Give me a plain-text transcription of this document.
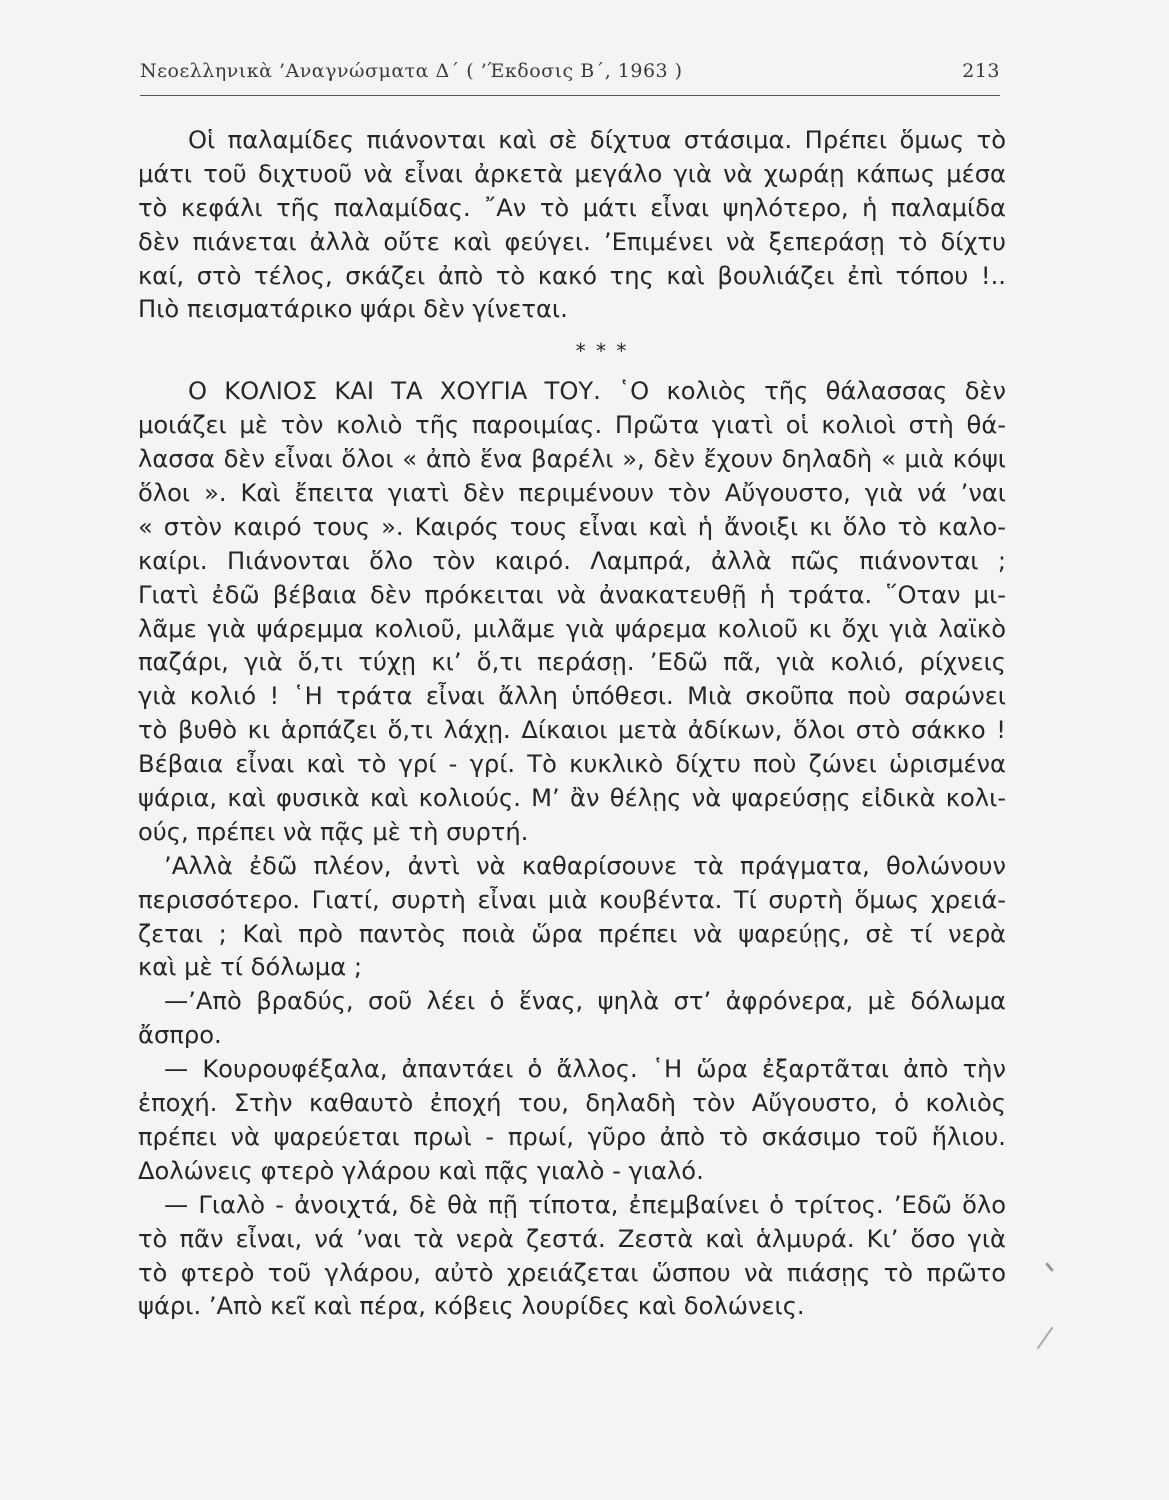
Νεοελληνικὰ ’Αναγνώσματα Δ΄ ( ’Έκδοσις Β΄, 1963 )	213
Οἱ παλαμίδες πιάνονται καὶ σὲ δίχτυα στάσιμα. Πρέπει ὅμως τὸ
μάτι τοῦ διχτυοῦ νὰ εἶναι ἀρκετὰ μεγάλο γιὰ νὰ χωράῃ κάπως μέσα
τὸ κεφάλι τῆς παλαμίδας. ῎Αν τὸ μάτι εἶναι ψηλότερο, ἡ παλαμίδα
δὲν πιάνεται ἀλλὰ οὔτε καὶ φεύγει. ’Επιμένει νὰ ξεπεράσῃ τὸ δίχτυ
καί, στὸ τέλος, σκάζει ἀπὸ τὸ κακό της καὶ βουλιάζει ἐπὶ τόπου !..
Πιὸ πεισματάρικο ψάρι δὲν γίνεται.
* * *
Ο ΚΟΛΙΟΣ ΚΑΙ ΤΑ ΧΟΥΓΙΑ ΤΟΥ. ῾Ο κολιὸς τῆς θάλασσας δὲν
μοιάζει μὲ τὸν κολιὸ τῆς παροιμίας. Πρῶτα γιατὶ οἱ κολιοὶ στὴ θά-
λασσα δὲν εἶναι ὅλοι « ἀπὸ ἕνα βαρέλι », δὲν ἔχουν δηλαδὴ « μιὰ κόψι
ὅλοι ». Καὶ ἔπειτα γιατὶ δὲν περιμένουν τὸν Αὔγουστο, γιὰ νά ’ναι
« στὸν καιρό τους ». Καιρός τους εἶναι καὶ ἡ ἄνοιξι κι ὅλο τὸ καλο-
καίρι. Πιάνονται ὅλο τὸν καιρό. Λαμπρά, ἀλλὰ πῶς πιάνονται ;
Γιατὶ ἐδῶ βέβαια δὲν πρόκειται νὰ ἀνακατευθῇ ἡ τράτα. ῞Οταν μι-
λᾶμε γιὰ ψάρεμμα κολιοῦ, μιλᾶμε γιὰ ψάρεμα κολιοῦ κι ὄχι γιὰ λαϊκὸ
παζάρι, γιὰ ὅ,τι τύχῃ κι’ ὅ,τι περάσῃ. ’Εδῶ πᾶ, γιὰ κολιό, ρίχνεις
γιὰ κολιό ! ῾Η τράτα εἶναι ἄλλη ὑπόθεσι. Μιὰ σκοῦπα ποὺ σαρώνει
τὸ βυθὸ κι ἁρπάζει ὅ,τι λάχῃ. Δίκαιοι μετὰ ἀδίκων, ὅλοι στὸ σάκκο !
Βέβαια εἶναι καὶ τὸ γρί - γρί. Τὸ κυκλικὸ δίχτυ ποὺ ζώνει ὡρισμένα
ψάρια, καὶ φυσικὰ καὶ κολιούς. Μ’ ἂν θέλῃς νὰ ψαρεύσῃς εἰδικὰ κολι-
ούς, πρέπει νὰ πᾷς μὲ τὴ συρτή.
’Αλλὰ ἐδῶ πλέον, ἀντὶ νὰ καθαρίσουνε τὰ πράγματα, θολώνουν
περισσότερο. Γιατί, συρτὴ εἶναι μιὰ κουβέντα. Τί συρτὴ ὅμως χρειά-
ζεται ; Καὶ πρὸ παντὸς ποιὰ ὥρα πρέπει νὰ ψαρεύῃς, σὲ τί νερὰ
καὶ μὲ τί δόλωμα ;
—’Απὸ βραδύς, σοῦ λέει ὁ ἕνας, ψηλὰ στ’ ἀφρόνερα, μὲ δόλωμα
ἄσπρο.
— Κουρουφέξαλα, ἀπαντάει ὁ ἄλλος. ῾Η ὥρα ἐξαρτᾶται ἀπὸ τὴν
ἐποχή. Στὴν καθαυτὸ ἐποχή του, δηλαδὴ τὸν Αὔγουστο, ὁ κολιὸς
πρέπει νὰ ψαρεύεται πρωὶ - πρωί, γῦρο ἀπὸ τὸ σκάσιμο τοῦ ἥλιου.
Δολώνεις φτερὸ γλάρου καὶ πᾷς γιαλὸ - γιαλό.
— Γιαλὸ - ἀνοιχτά, δὲ θὰ πῇ τίποτα, ἐπεμβαίνει ὁ τρίτος. ’Εδῶ ὅλο
τὸ πᾶν εἶναι, νά ’ναι τὰ νερὰ ζεστά. Ζεστὰ καὶ ἁλμυρά. Κι’ ὅσο γιὰ
τὸ φτερὸ τοῦ γλάρου, αὐτὸ χρειάζεται ὥσπου νὰ πιάσῃς τὸ πρῶτο
ψάρι. ’Απὸ κεῖ καὶ πέρα, κόβεις λουρίδες καὶ δολώνεις.
